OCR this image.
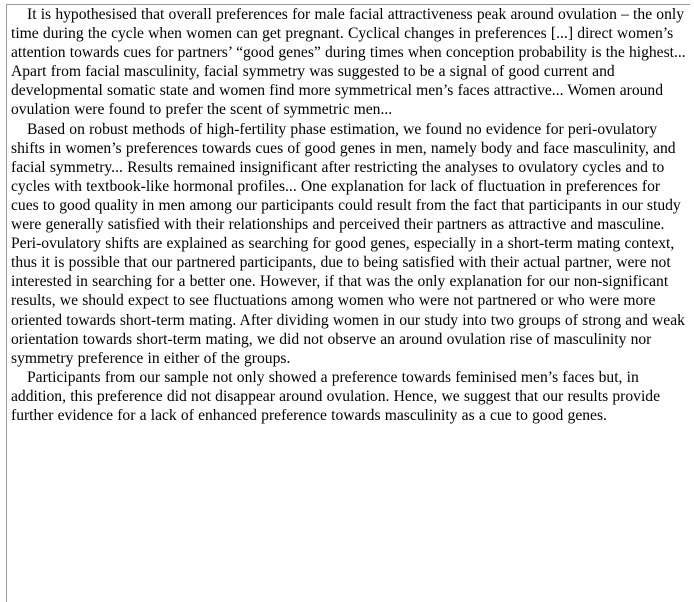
It is hypothesised that overall preferences for male facial attractiveness peak around ovulation – the only time during the cycle when women can get pregnant. Cyclical changes in preferences [...] direct women’s attention towards cues for partners’ “good genes” during times when conception probability is the highest... Apart from facial masculinity, facial symmetry was suggested to be a signal of good current and developmental somatic state and women find more symmetrical men’s faces attractive... Women around ovulation were found to prefer the scent of symmetric men...

Based on robust methods of high-fertility phase estimation, we found no evidence for peri-ovulatory shifts in women’s preferences towards cues of good genes in men, namely body and face masculinity, and facial symmetry... Results remained insignificant after restricting the analyses to ovulatory cycles and to cycles with textbook-like hormonal profiles... One explanation for lack of fluctuation in preferences for cues to good quality in men among our participants could result from the fact that participants in our study were generally satisfied with their relationships and perceived their partners as attractive and masculine. Peri-ovulatory shifts are explained as searching for good genes, especially in a short-term mating context, thus it is possible that our partnered participants, due to being satisfied with their actual partner, were not interested in searching for a better one. However, if that was the only explanation for our non-significant results, we should expect to see fluctuations among women who were not partnered or who were more oriented towards short-term mating. After dividing women in our study into two groups of strong and weak orientation towards short-term mating, we did not observe an around ovulation rise of masculinity nor symmetry preference in either of the groups.

Participants from our sample not only showed a preference towards feminised men’s faces but, in addition, this preference did not disappear around ovulation. Hence, we suggest that our results provide further evidence for a lack of enhanced preference towards masculinity as a cue to good genes.
